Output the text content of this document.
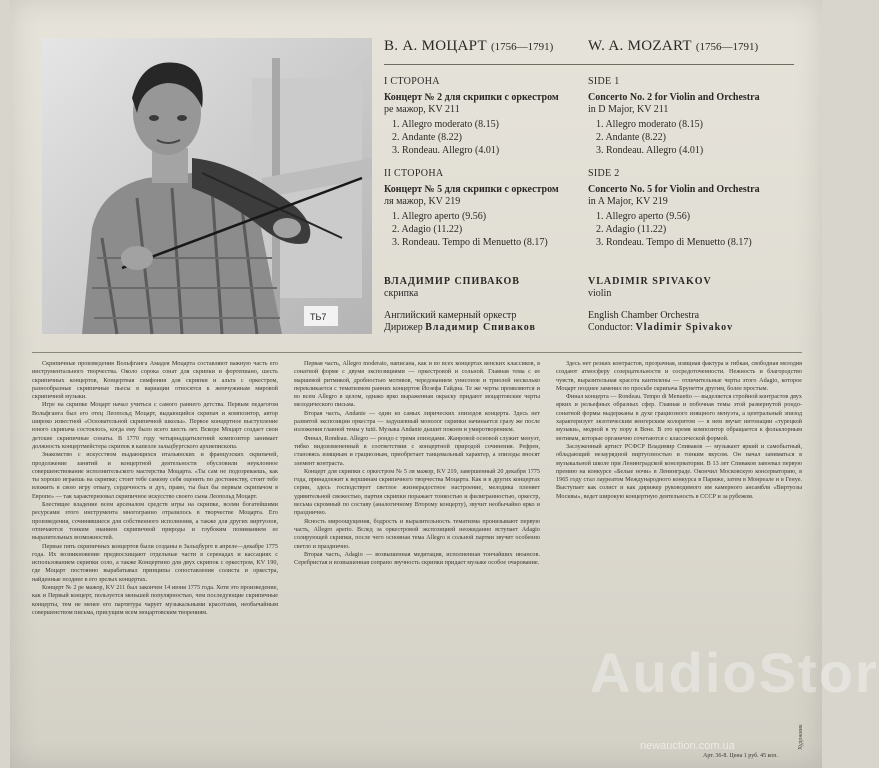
ТЬ7
В. А. МОЦАРТ (1756—1791) W. A. MOZART (1756—1791)
I СТОРОНА
Концерт № 2 для скрипки с оркестром
ре мажор, KV 211
1. Allegro moderato (8.15)
2. Andante (8.22)
3. Rondeau. Allegro (4.01)
II СТОРОНА
Концерт № 5 для скрипки с оркестром
ля мажор, KV 219
1. Allegro aperto (9.56)
2. Adagio (11.22)
3. Rondeau. Tempo di Menuetto (8.17)
SIDE 1
Concerto No. 2 for Violin and Orchestra
in D Major, KV 211
1. Allegro moderato (8.15)
2. Andante (8.22)
3. Rondeau. Allegro (4.01)
SIDE 2
Concerto No. 5 for Violin and Orchestra
in A Major, KV 219
1. Allegro aperto (9.56)
2. Adagio (11.22)
3. Rondeau. Tempo di Menuetto (8.17)
ВЛАДИМИР СПИВАКОВ
скрипка
Английский камерный оркестр
Дирижер Владимир Спиваков
VLADIMIR SPIVAKOV
violin
English Chamber Orchestra
Conductor: Vladimir Spivakov

Скрипичные произведения Вольфганга Амадея Моцарта составляют важную часть его инструментального творчества. Около сорока сонат для скрипки и фортепиано, шесть скрипичных концертов, Концертная симфония для скрипки и альта с оркестром, разнообразные скрипичные пьесы в вариации относятся к жемчужинам мировой скрипичной музыки.

Игре на скрипке Моцарт начал учиться с самого раннего детства. Первым педагогом Вольфганга был его отец Леопольд Моцарт, выдающийся скрипач и композитор, автор широко известной «Основательной скрипичной школы». Первое концертное выступление юного скрипача состоялось, когда ему было всего шесть лет. Вскоре Моцарт создает свои детские скрипичные сонаты. В 1770 году четырнадцатилетний композитор занимает должность концертмейстера скрипок в капелле зальцбургского архиепископа.

Знакомство с искусством выдающихся итальянских и французских скрипачей, продолжение занятий и концертной деятельности обусловили неуклонное совершенствование исполнительского мастерства Моцарта. «Ты сам не подозреваешь, как ты хорошо играешь на скрипке; стоит тебе самому себя оценить по достоинству, стоит тебе вложить в свою игру отвагу, сердечность и дух, право, ты был бы первым скрипачом в Европе» — так характеризовал скрипичное искусство своего сына Леопольд Моцарт.

Блестящее владение всем арсеналом средств игры на скрипке, всеми богатейшими ресурсами этого инструмента многогранно отразилось в творчестве Моцарта. Его произведения, сочинявшиеся для собственного исполнения, а также для других виртуозов, отличаются тонким знанием скрипичной природы и глубоким пониманием ее выразительных возможностей.

Первые пять скрипичных концертов были созданы в Зальцбурге в апреле—декабре 1775 года. Их возникновение предвосхищают отдельные части в серенадах и кассациях с использованием скрипки соло, а также Концертино для двух скрипок с оркестром, KV 190, где Моцарт постоянно вырабатывал принципы сопоставления солиста и оркестра, найденные позднее в его зрелых концертах.

Концерт № 2 ре мажор, KV 211 был закончен 14 июня 1775 года. Хотя это произведение, как и Первый концерт, пользуется меньшей популярностью, чем последующие скрипичные концерты, тем не менее его партитура чарует музыкальными красотами, необычайным совершенством письма, присущим всем моцартовским творениям.

Первая часть, Allegro moderato, написана, как и во всех концертах венских классиков, в сонатной форме с двумя экспозициями — оркестровой и сольной. Главная тема с ее маршевой ритмикой, дробностью мотивов, чередованием унисонов и триолей несколько перекликается с тематизмом ранних концертов Йозефа Гайдна. Те же черты проявляются и во всем Allegro в целом, однако ярко выраженная окраску придают моцартовские черты мелодического письма.

Вторая часть, Andante — один из самых лирических эпизодов концерта. Здесь нет развитой экспозиции оркестра — задушевный монолог скрипки начинается сразу же после изложения главной темы у tutti. Музыка Andante дышит покоем и умиротворением.

Финал, Rondeau. Allegro — рондо с тремя эпизодами. Жанровой основой служит менуэт, тибко видоизмененный в соответствии с концертной природой сочинения. Рефрен, становясь изящным и грациозным, приобретает танцевальный характер, а эпизоды вносят элемент контраста.

Концерт для скрипки с оркестром № 5 ля мажор, KV 219, завершенный 20 декабря 1775 года, принадлежит к вершинам скрипичного творчества Моцарта. Как и в других концертах серии, здесь господствует светлое жизнерадостное настроение, мелодика пленяет удивительной свежестью, партия скрипки поражает тонкостью и филигранностью, оркестр, весьма скромный по составу (аналогичному Второму концерту), звучит необычайно ярко и празднично.

Ясность мироощущения, бодрость и выразительность тематизма пронизывают первую часть, Allegro aperto. Вслед за оркестровой экспозицией неожиданно вступает Adagio солирующей скрипки, после чего основная тема Allegro в сольной партии звучит особенно светло и празднично.

Вторая часть, Adagio — возвышенная медитация, исполненная тончайших нюансов. Серебристая и возвышенная сопрано звучность скрипки придает музыке особое очарование.

Здесь нет резких контрастов, прозрачная, изящная фактура и гибкая, свободная мелодия создают атмосферу созерцательности и сосредоточенности. Нежность и благородство чувств, выразительная красота кантилены — отличительные черты этого Adagio, которое Моцарт позднее заменил по просьбе скрипача Брунетти другим, более простым.

Финал концерта — Rondeau. Tempo di Menuetto — выделяется стройной контрастов двух ярких и рельефных образных сфер. Главная и побочная темы этой развернутой рондо-сонатной формы выдержаны в духе грациозного изящного менуэта, а центральный эпизод характеризует экзотическим венгерским колоритом — в нем звучат интонации «турецкой музыки», модной в ту пору в Вене. В это время композитор обращается к фольклорным мотивам, которые органично сочетаются с классической формой.

Заслуженный артист РСФСР Владимир Спиваков — музыкант яркий и самобытный, обладающий незаурядной виртуозностью и тонким вкусом. Он начал заниматься в музыкальной школе при Ленинградской консерватории. В 13 лет Спиваков завоевал первую премию на конкурсе «Белые ночи» в Ленинграде. Окончил Московскую консерваторию, в 1965 году стал лауреатом Международного конкурса в Париже, затем в Монреале и в Генуе. Выступает как солист и как дирижер руководимого им камерного ансамбля «Виртуозы Москвы», ведет широкую концертную деятельность в СССР и за рубежом.

Художник
Арт. 36-8. Цена 1 руб. 45 коп.
AudioStor
newauction.com.ua
